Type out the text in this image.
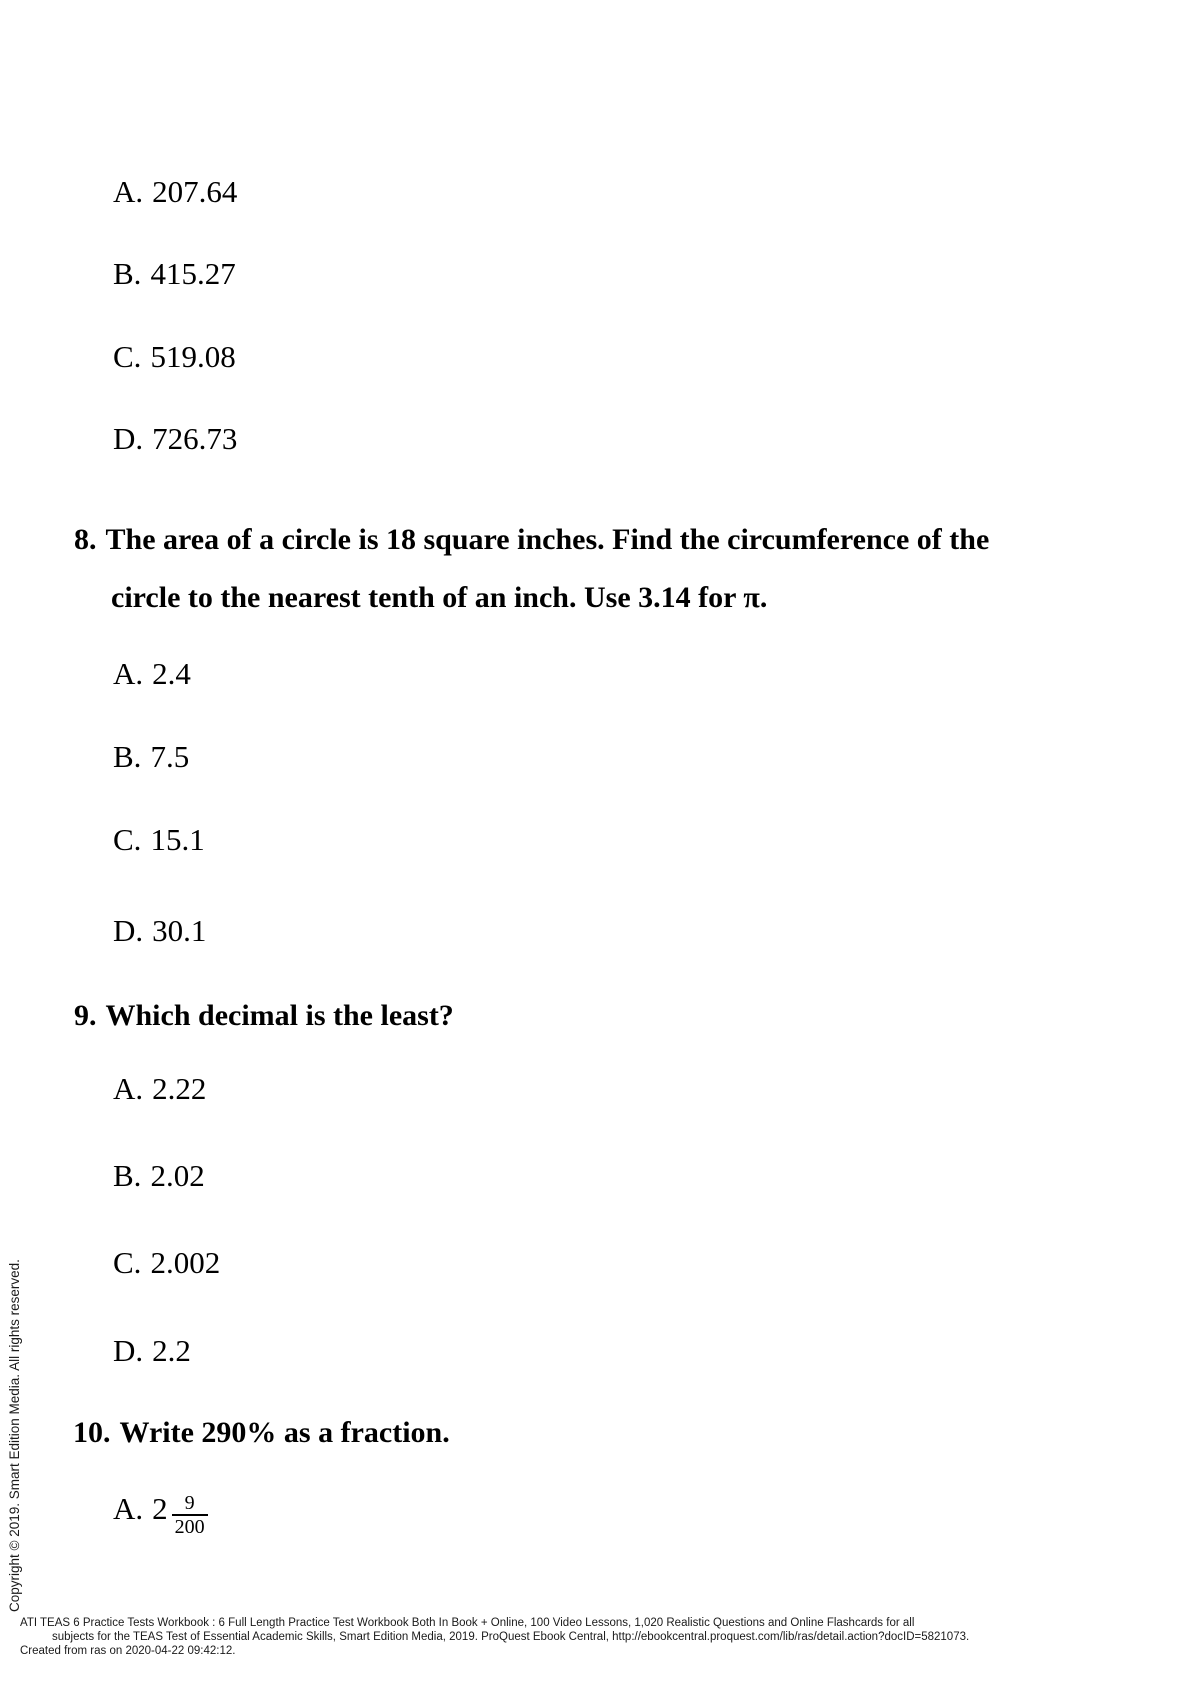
Copyright © 2019. Smart Edition Media. All rights reserved.
A. 207.64
B. 415.27
C. 519.08
D. 726.73
8. The area of a circle is 18 square inches. Find the circumference of the
circle to the nearest tenth of an inch. Use 3.14 for π.
A. 2.4
B. 7.5
C. 15.1
D. 30.1
9. Which decimal is the least?
A. 2.22
B. 2.02
C. 2.002
D. 2.2
10. Write 290% as a fraction.
A. $2 \frac{9}{200}$
ATI TEAS 6 Practice Tests Workbook : 6 Full Length Practice Test Workbook Both In Book + Online, 100 Video Lessons, 1,020 Realistic Questions and Online Flashcards for all
subjects for the TEAS Test of Essential Academic Skills, Smart Edition Media, 2019. ProQuest Ebook Central, http://ebookcentral.proquest.com/lib/ras/detail.action?docID=5821073.
Created from ras on 2020-04-22 09:42:12.
